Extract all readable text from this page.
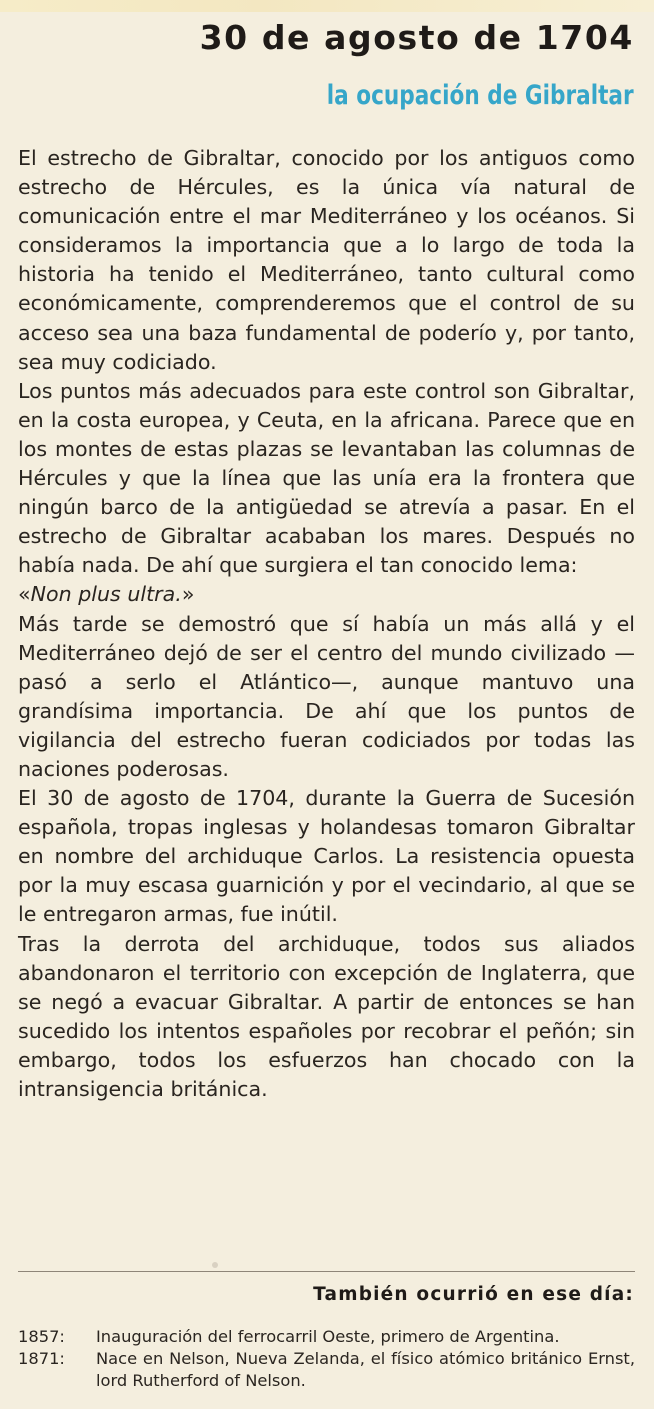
30 de agosto de 1704
la ocupación de Gibraltar

El estrecho de Gibraltar, conocido por los antiguos como estrecho de Hércules, es la única vía natural de comunicación entre el mar Mediterráneo y los océanos. Si consideramos la importancia que a lo largo de toda la historia ha tenido el Mediterráneo, tanto cultural como económicamente, comprenderemos que el control de su acceso sea una baza fundamental de poderío y, por tanto, sea muy codiciado.

Los puntos más adecuados para este control son Gibraltar, en la costa europea, y Ceuta, en la africana. Parece que en los montes de estas plazas se levantaban las columnas de Hércules y que la línea que las unía era la frontera que ningún barco de la antigüedad se atrevía a pasar. En el estrecho de Gibraltar acababan los mares. Después no había nada. De ahí que surgiera el tan conocido lema:
«Non plus ultra.»

Más tarde se demostró que sí había un más allá y el Mediterráneo dejó de ser el centro del mundo civilizado —pasó a serlo el Atlántico—, aunque mantuvo una grandísima importancia. De ahí que los puntos de vigilancia del estrecho fueran codiciados por todas las naciones poderosas.

El 30 de agosto de 1704, durante la Guerra de Sucesión española, tropas inglesas y holandesas tomaron Gibraltar en nombre del archiduque Carlos. La resistencia opuesta por la muy escasa guarnición y por el vecindario, al que se le entregaron armas, fue inútil.

Tras la derrota del archiduque, todos sus aliados abandonaron el territorio con excepción de Inglaterra, que se negó a evacuar Gibraltar. A partir de entonces se han sucedido los intentos españoles por recobrar el peñón; sin embargo, todos los esfuerzos han chocado con la intransigencia británica.

También ocurrió en ese día:
1857:	Inauguración del ferrocarril Oeste, primero de Argentina.
1871:	Nace en Nelson, Nueva Zelanda, el físico atómico británico Ernst, lord Rutherford of Nelson.
